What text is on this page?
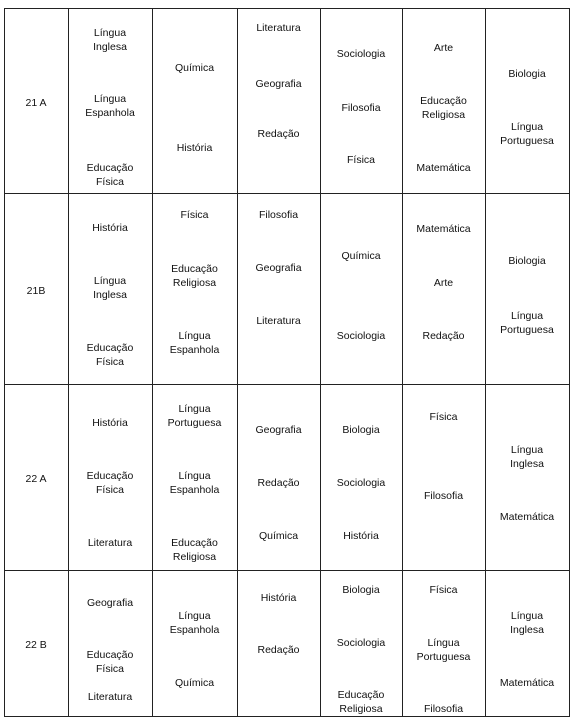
21 A
Língua
Inglesa
Língua
Espanhola
Educação
Física
Química
História
Literatura
Geografia
Redação
Sociologia
Filosofia
Física
Arte
Educação
Religiosa
Matemática
Biologia
Língua
Portuguesa
21B
História
Língua
Inglesa
Educação
Física
Física
Educação
Religiosa
Língua
Espanhola
Filosofia
Geografia
Literatura
Química
Sociologia
Matemática
Arte
Redação
Biologia
Língua
Portuguesa
22 A
História
Educação
Física
Literatura
Língua
Portuguesa
Língua
Espanhola
Educação
Religiosa
Geografia
Redação
Química
Biologia
Sociologia
História
Física
Filosofia
Língua
Inglesa
Matemática
22 B
Geografia
Educação
Física
Literatura
Língua
Espanhola
Química
História
Redação
Biologia
Sociologia
Educação
Religiosa
Física
Língua
Portuguesa
Filosofia
Língua
Inglesa
Matemática
